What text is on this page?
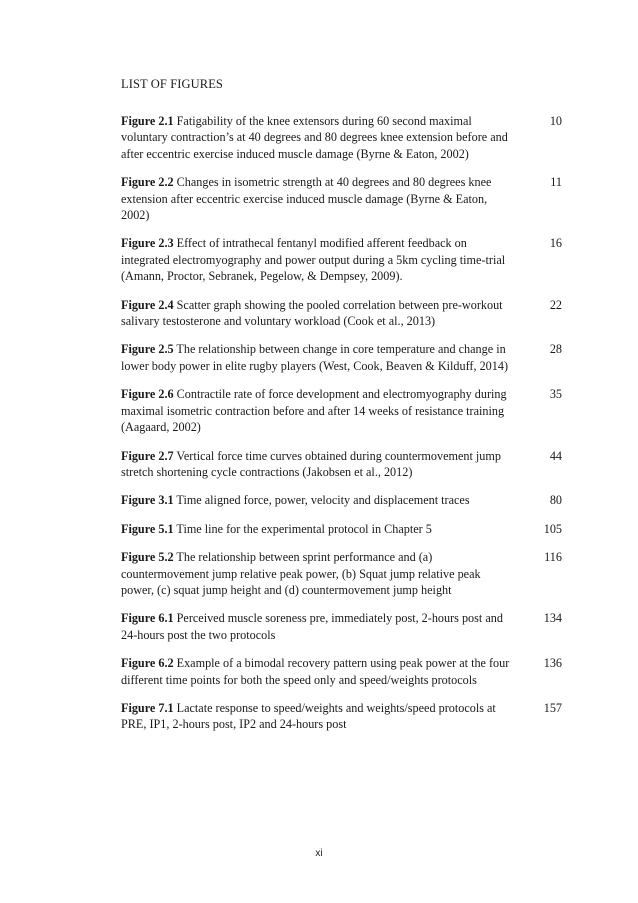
LIST OF FIGURES
Figure 2.1 Fatigability of the knee extensors during 60 second maximal voluntary contraction’s at 40 degrees and 80 degrees knee extension before and after eccentric exercise induced muscle damage (Byrne & Eaton, 2002)
10
Figure 2.2 Changes in isometric strength at 40 degrees and 80 degrees knee extension after eccentric exercise induced muscle damage (Byrne & Eaton, 2002)
11
Figure 2.3 Effect of intrathecal fentanyl modified afferent feedback on integrated electromyography and power output during a 5km cycling time-trial (Amann, Proctor, Sebranek, Pegelow, & Dempsey, 2009).
16
Figure 2.4 Scatter graph showing the pooled correlation between pre-workout salivary testosterone and voluntary workload (Cook et al., 2013)
22
Figure 2.5 The relationship between change in core temperature and change in lower body power in elite rugby players (West, Cook, Beaven & Kilduff, 2014)
28
Figure 2.6 Contractile rate of force development and electromyography during maximal isometric contraction before and after 14 weeks of resistance training (Aagaard, 2002)
35
Figure 2.7 Vertical force time curves obtained during countermovement jump stretch shortening cycle contractions (Jakobsen et al., 2012)
44
Figure 3.1 Time aligned force, power, velocity and displacement traces	80
Figure 5.1 Time line for the experimental protocol in Chapter 5	105
Figure 5.2 The relationship between sprint performance and (a) countermovement jump relative peak power, (b) Squat jump relative peak power, (c) squat jump height and (d) countermovement jump height
116
Figure 6.1 Perceived muscle soreness pre, immediately post, 2-hours post and 24-hours post the two protocols
134
Figure 6.2 Example of a bimodal recovery pattern using peak power at the four different time points for both the speed only and speed/weights protocols
136
Figure 7.1 Lactate response to speed/weights and weights/speed protocols at PRE, IP1, 2-hours post, IP2 and 24-hours post
157
xi
